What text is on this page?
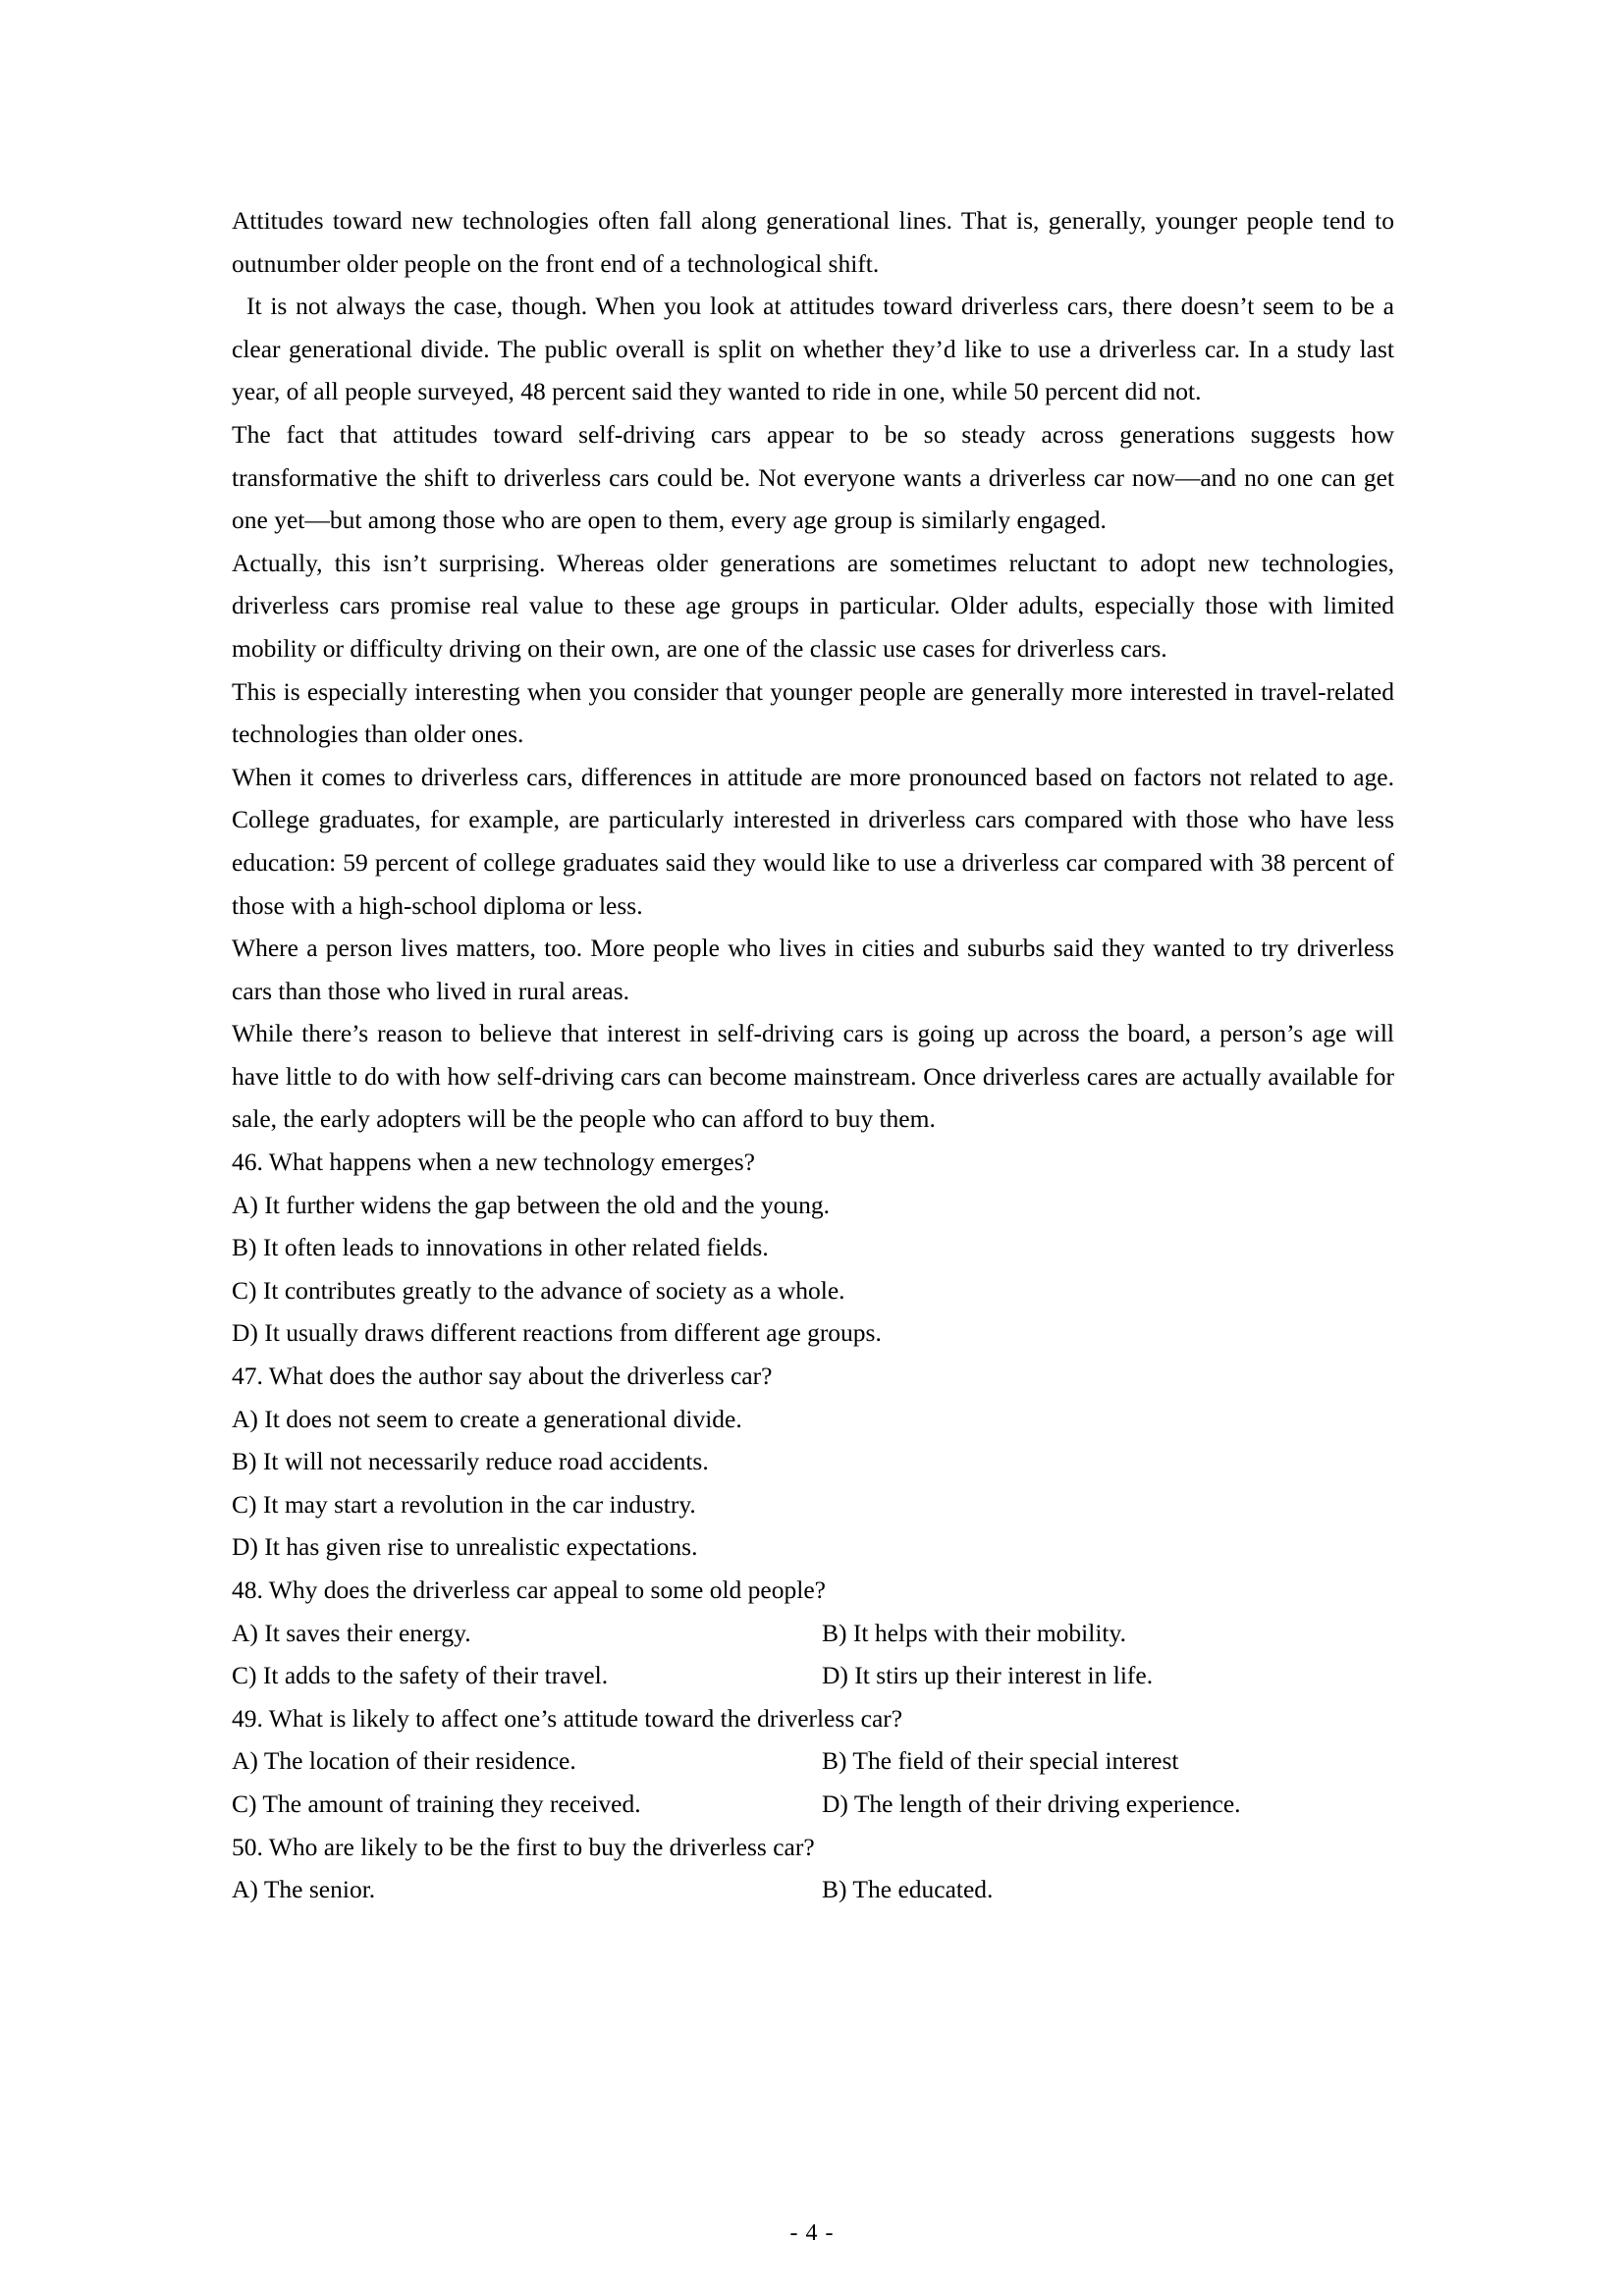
Attitudes toward new technologies often fall along generational lines. That is, generally, younger people tend to outnumber older people on the front end of a technological shift.

It is not always the case, though. When you look at attitudes toward driverless cars, there doesn’t seem to be a clear generational divide. The public overall is split on whether they’d like to use a driverless car. In a study last year, of all people surveyed, 48 percent said they wanted to ride in one, while 50 percent did not.

The fact that attitudes toward self-driving cars appear to be so steady across generations suggests how transformative the shift to driverless cars could be. Not everyone wants a driverless car now—and no one can get one yet—but among those who are open to them, every age group is similarly engaged.

Actually, this isn’t surprising. Whereas older generations are sometimes reluctant to adopt new technologies, driverless cars promise real value to these age groups in particular. Older adults, especially those with limited mobility or difficulty driving on their own, are one of the classic use cases for driverless cars.

This is especially interesting when you consider that younger people are generally more interested in travel-related technologies than older ones.

When it comes to driverless cars, differences in attitude are more pronounced based on factors not related to age. College graduates, for example, are particularly interested in driverless cars compared with those who have less education: 59 percent of college graduates said they would like to use a driverless car compared with 38 percent of those with a high-school diploma or less.

Where a person lives matters, too. More people who lives in cities and suburbs said they wanted to try driverless cars than those who lived in rural areas.

While there’s reason to believe that interest in self-driving cars is going up across the board, a person’s age will have little to do with how self-driving cars can become mainstream. Once driverless cares are actually available for sale, the early adopters will be the people who can afford to buy them.

46. What happens when a new technology emerges?
A) It further widens the gap between the old and the young.
B) It often leads to innovations in other related fields.
C) It contributes greatly to the advance of society as a whole.
D) It usually draws different reactions from different age groups.
47. What does the author say about the driverless car?
A) It does not seem to create a generational divide.
B) It will not necessarily reduce road accidents.
C) It may start a revolution in the car industry.
D) It has given rise to unrealistic expectations.
48. Why does the driverless car appeal to some old people?
A) It saves their energy.	B) It helps with their mobility.
C) It adds to the safety of their travel.	D) It stirs up their interest in life.
49. What is likely to affect one’s attitude toward the driverless car?
A) The location of their residence.	B) The field of their special interest
C) The amount of training they received.	D) The length of their driving experience.
50. Who are likely to be the first to buy the driverless car?
A) The senior.	B) The educated.
- 4 -
